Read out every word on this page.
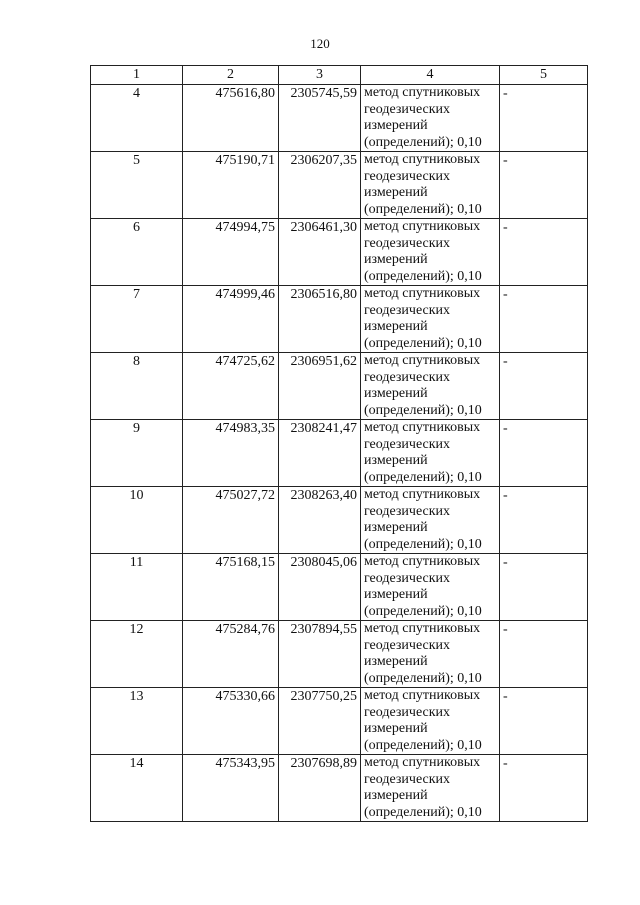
120
1	2	3	4	5
4	475616,80	2305745,59	метод спутниковых
геодезических
измерений
(определений); 0,10	-
5	475190,71	2306207,35	метод спутниковых
геодезических
измерений
(определений); 0,10	-
6	474994,75	2306461,30	метод спутниковых
геодезических
измерений
(определений); 0,10	-
7	474999,46	2306516,80	метод спутниковых
геодезических
измерений
(определений); 0,10	-
8	474725,62	2306951,62	метод спутниковых
геодезических
измерений
(определений); 0,10	-
9	474983,35	2308241,47	метод спутниковых
геодезических
измерений
(определений); 0,10	-
10	475027,72	2308263,40	метод спутниковых
геодезических
измерений
(определений); 0,10	-
11	475168,15	2308045,06	метод спутниковых
геодезических
измерений
(определений); 0,10	-
12	475284,76	2307894,55	метод спутниковых
геодезических
измерений
(определений); 0,10	-
13	475330,66	2307750,25	метод спутниковых
геодезических
измерений
(определений); 0,10	-
14	475343,95	2307698,89	метод спутниковых
геодезических
измерений
(определений); 0,10	-
